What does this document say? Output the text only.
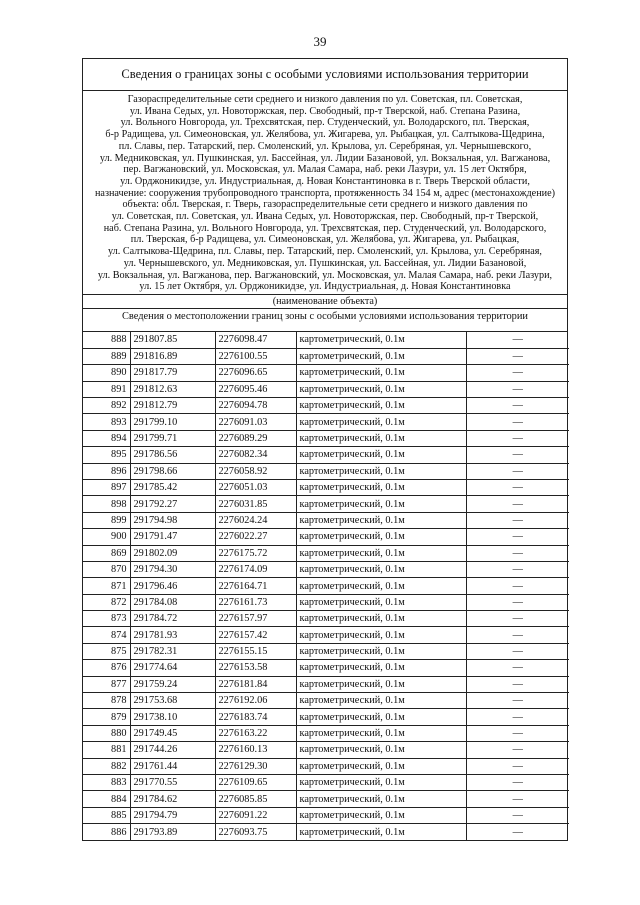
39
Сведения о границах зоны с особыми условиями использования территории
Газораспределительные сети среднего и низкого давления по ул. Советская, пл. Советская,
ул. Ивана Седых, ул. Новоторжская, пер. Свободный, пр-т Тверской, наб. Степана Разина,
ул. Вольного Новгорода, ул. Трехсвятская, пер. Студенческий, ул. Володарского, пл. Тверская,
б-р Радищева, ул. Симеоновская, ул. Желябова, ул. Жигарева, ул. Рыбацкая, ул. Салтыкова-Щедрина,
пл. Славы, пер. Татарский, пер. Смоленский, ул. Крылова, ул. Серебряная, ул. Чернышевского,
ул. Медниковская, ул. Пушкинская, ул. Бассейная, ул. Лидии Базановой, ул. Вокзальная, ул. Вагжанова,
пер. Вагжановский, ул. Московская, ул. Малая Самара, наб. реки Лазури, ул. 15 лет Октября,
ул. Орджоникидзе, ул. Индустриальная, д. Новая Константиновка в г. Тверь Тверской области,
назначение: сооружения трубопроводного транспорта, протяженность 34 154 м, адрес (местонахождение)
объекта: обл. Тверская, г. Тверь, газораспределительные сети среднего и низкого давления по
ул. Советская, пл. Советская, ул. Ивана Седых, ул. Новоторжская, пер. Свободный, пр-т Тверской,
наб. Степана Разина, ул. Вольного Новгорода, ул. Трехсвятская, пер. Студенческий, ул. Володарского,
пл. Тверская, б-р Радищева, ул. Симеоновская, ул. Желябова, ул. Жигарева, ул. Рыбацкая,
ул. Салтыкова-Щедрина, пл. Славы, пер. Татарский, пер. Смоленский, ул. Крылова, ул. Серебряная,
ул. Чернышевского, ул. Медниковская, ул. Пушкинская, ул. Бассейная, ул. Лидии Базановой,
ул. Вокзальная, ул. Вагжанова, пер. Вагжановский, ул. Московская, ул. Малая Самара, наб. реки Лазури,
ул. 15 лет Октября, ул. Орджоникидзе, ул. Индустриальная, д. Новая Константиновка
(наименование объекта)
Сведения о местоположении границ зоны с особыми условиями использования территории
888	291807.85	2276098.47	картометрический, 0.1м	—
889	291816.89	2276100.55	картометрический, 0.1м	—
890	291817.79	2276096.65	картометрический, 0.1м	—
891	291812.63	2276095.46	картометрический, 0.1м	—
892	291812.79	2276094.78	картометрический, 0.1м	—
893	291799.10	2276091.03	картометрический, 0.1м	—
894	291799.71	2276089.29	картометрический, 0.1м	—
895	291786.56	2276082.34	картометрический, 0.1м	—
896	291798.66	2276058.92	картометрический, 0.1м	—
897	291785.42	2276051.03	картометрический, 0.1м	—
898	291792.27	2276031.85	картометрический, 0.1м	—
899	291794.98	2276024.24	картометрический, 0.1м	—
900	291791.47	2276022.27	картометрический, 0.1м	—
869	291802.09	2276175.72	картометрический, 0.1м	—
870	291794.30	2276174.09	картометрический, 0.1м	—
871	291796.46	2276164.71	картометрический, 0.1м	—
872	291784.08	2276161.73	картометрический, 0.1м	—
873	291784.72	2276157.97	картометрический, 0.1м	—
874	291781.93	2276157.42	картометрический, 0.1м	—
875	291782.31	2276155.15	картометрический, 0.1м	—
876	291774.64	2276153.58	картометрический, 0.1м	—
877	291759.24	2276181.84	картометрический, 0.1м	—
878	291753.68	2276192.06	картометрический, 0.1м	—
879	291738.10	2276183.74	картометрический, 0.1м	—
880	291749.45	2276163.22	картометрический, 0.1м	—
881	291744.26	2276160.13	картометрический, 0.1м	—
882	291761.44	2276129.30	картометрический, 0.1м	—
883	291770.55	2276109.65	картометрический, 0.1м	—
884	291784.62	2276085.85	картометрический, 0.1м	—
885	291794.79	2276091.22	картометрический, 0.1м	—
886	291793.89	2276093.75	картометрический, 0.1м	—
